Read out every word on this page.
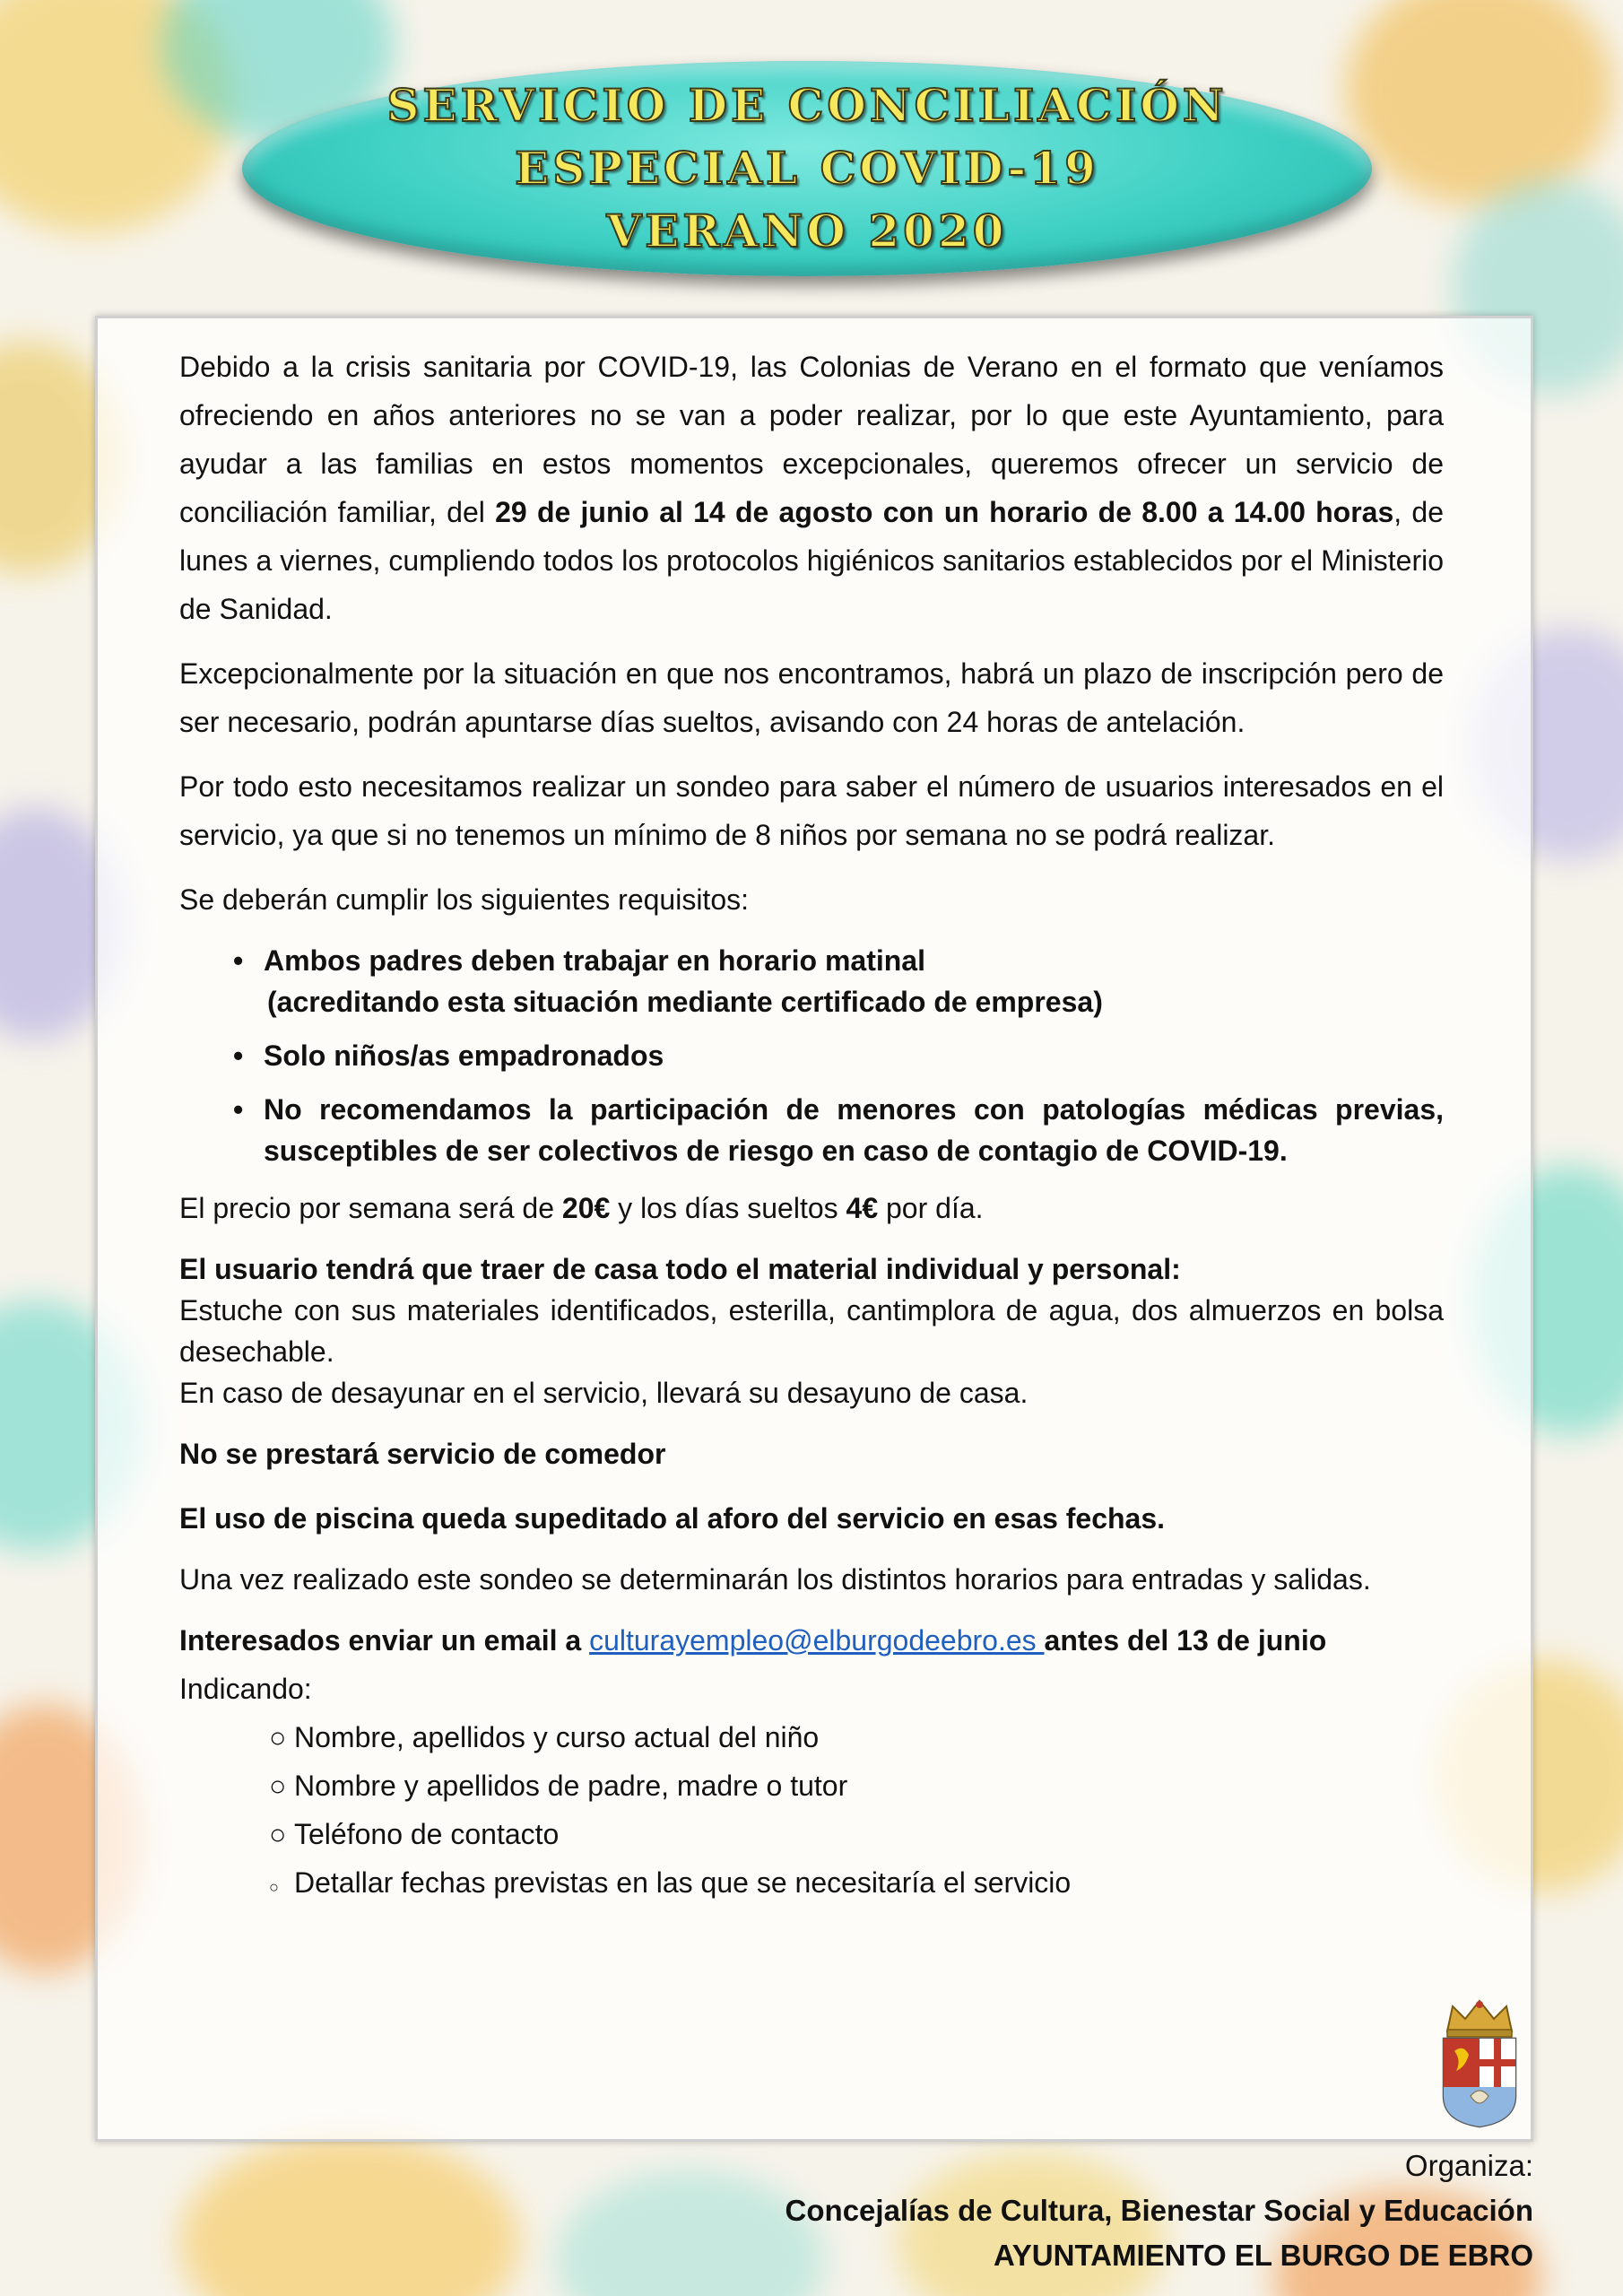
SERVICIO DE CONCILIACIÓN
ESPECIAL COVID-19
VERANO 2020

Debido a la crisis sanitaria por COVID-19, las Colonias de Verano en el formato que veníamos ofreciendo en años anteriores no se van a poder realizar, por lo que este Ayuntamiento, para ayudar a las familias en estos momentos excepcionales, queremos ofrecer un servicio de conciliación familiar, del 29 de junio al 14 de agosto con un horario de 8.00 a 14.00 horas, de lunes a viernes, cumpliendo todos los protocolos higiénicos sanitarios establecidos por el Ministerio de Sanidad.

Excepcionalmente por la situación en que nos encontramos, habrá un plazo de inscripción pero de ser necesario, podrán apuntarse días sueltos, avisando con 24 horas de antelación.

Por todo esto necesitamos realizar un sondeo para saber el número de usuarios interesados en el servicio, ya que si no tenemos un mínimo de 8 niños por semana no se podrá realizar.

Se deberán cumplir los siguientes requisitos:

• Ambos padres deben trabajar en horario matinal
(acreditando esta situación mediante certificado de empresa)
• Solo niños/as empadronados
• No recomendamos la participación de menores con patologías médicas previas, susceptibles de ser colectivos de riesgo en caso de contagio de COVID-19.

El precio por semana será de 20€ y los días sueltos 4€ por día.

El usuario tendrá que traer de casa todo el material individual y personal:
Estuche con sus materiales identificados, esterilla, cantimplora de agua, dos almuerzos en bolsa desechable.
En caso de desayunar en el servicio, llevará su desayuno de casa.

No se prestará servicio de comedor

El uso de piscina queda supeditado al aforo del servicio en esas fechas.

Una vez realizado este sondeo se determinarán los distintos horarios para entradas y salidas.

Interesados enviar un email a culturayempleo@elburgodeebro.es antes del 13 de junio
Indicando:

○ Nombre, apellidos y curso actual del niño
○ Nombre y apellidos de padre, madre o tutor
○ Teléfono de contacto
○ Detallar fechas previstas en las que se necesitaría el servicio
Organiza:
Concejalías de Cultura, Bienestar Social y Educación
AYUNTAMIENTO EL BURGO DE EBRO
